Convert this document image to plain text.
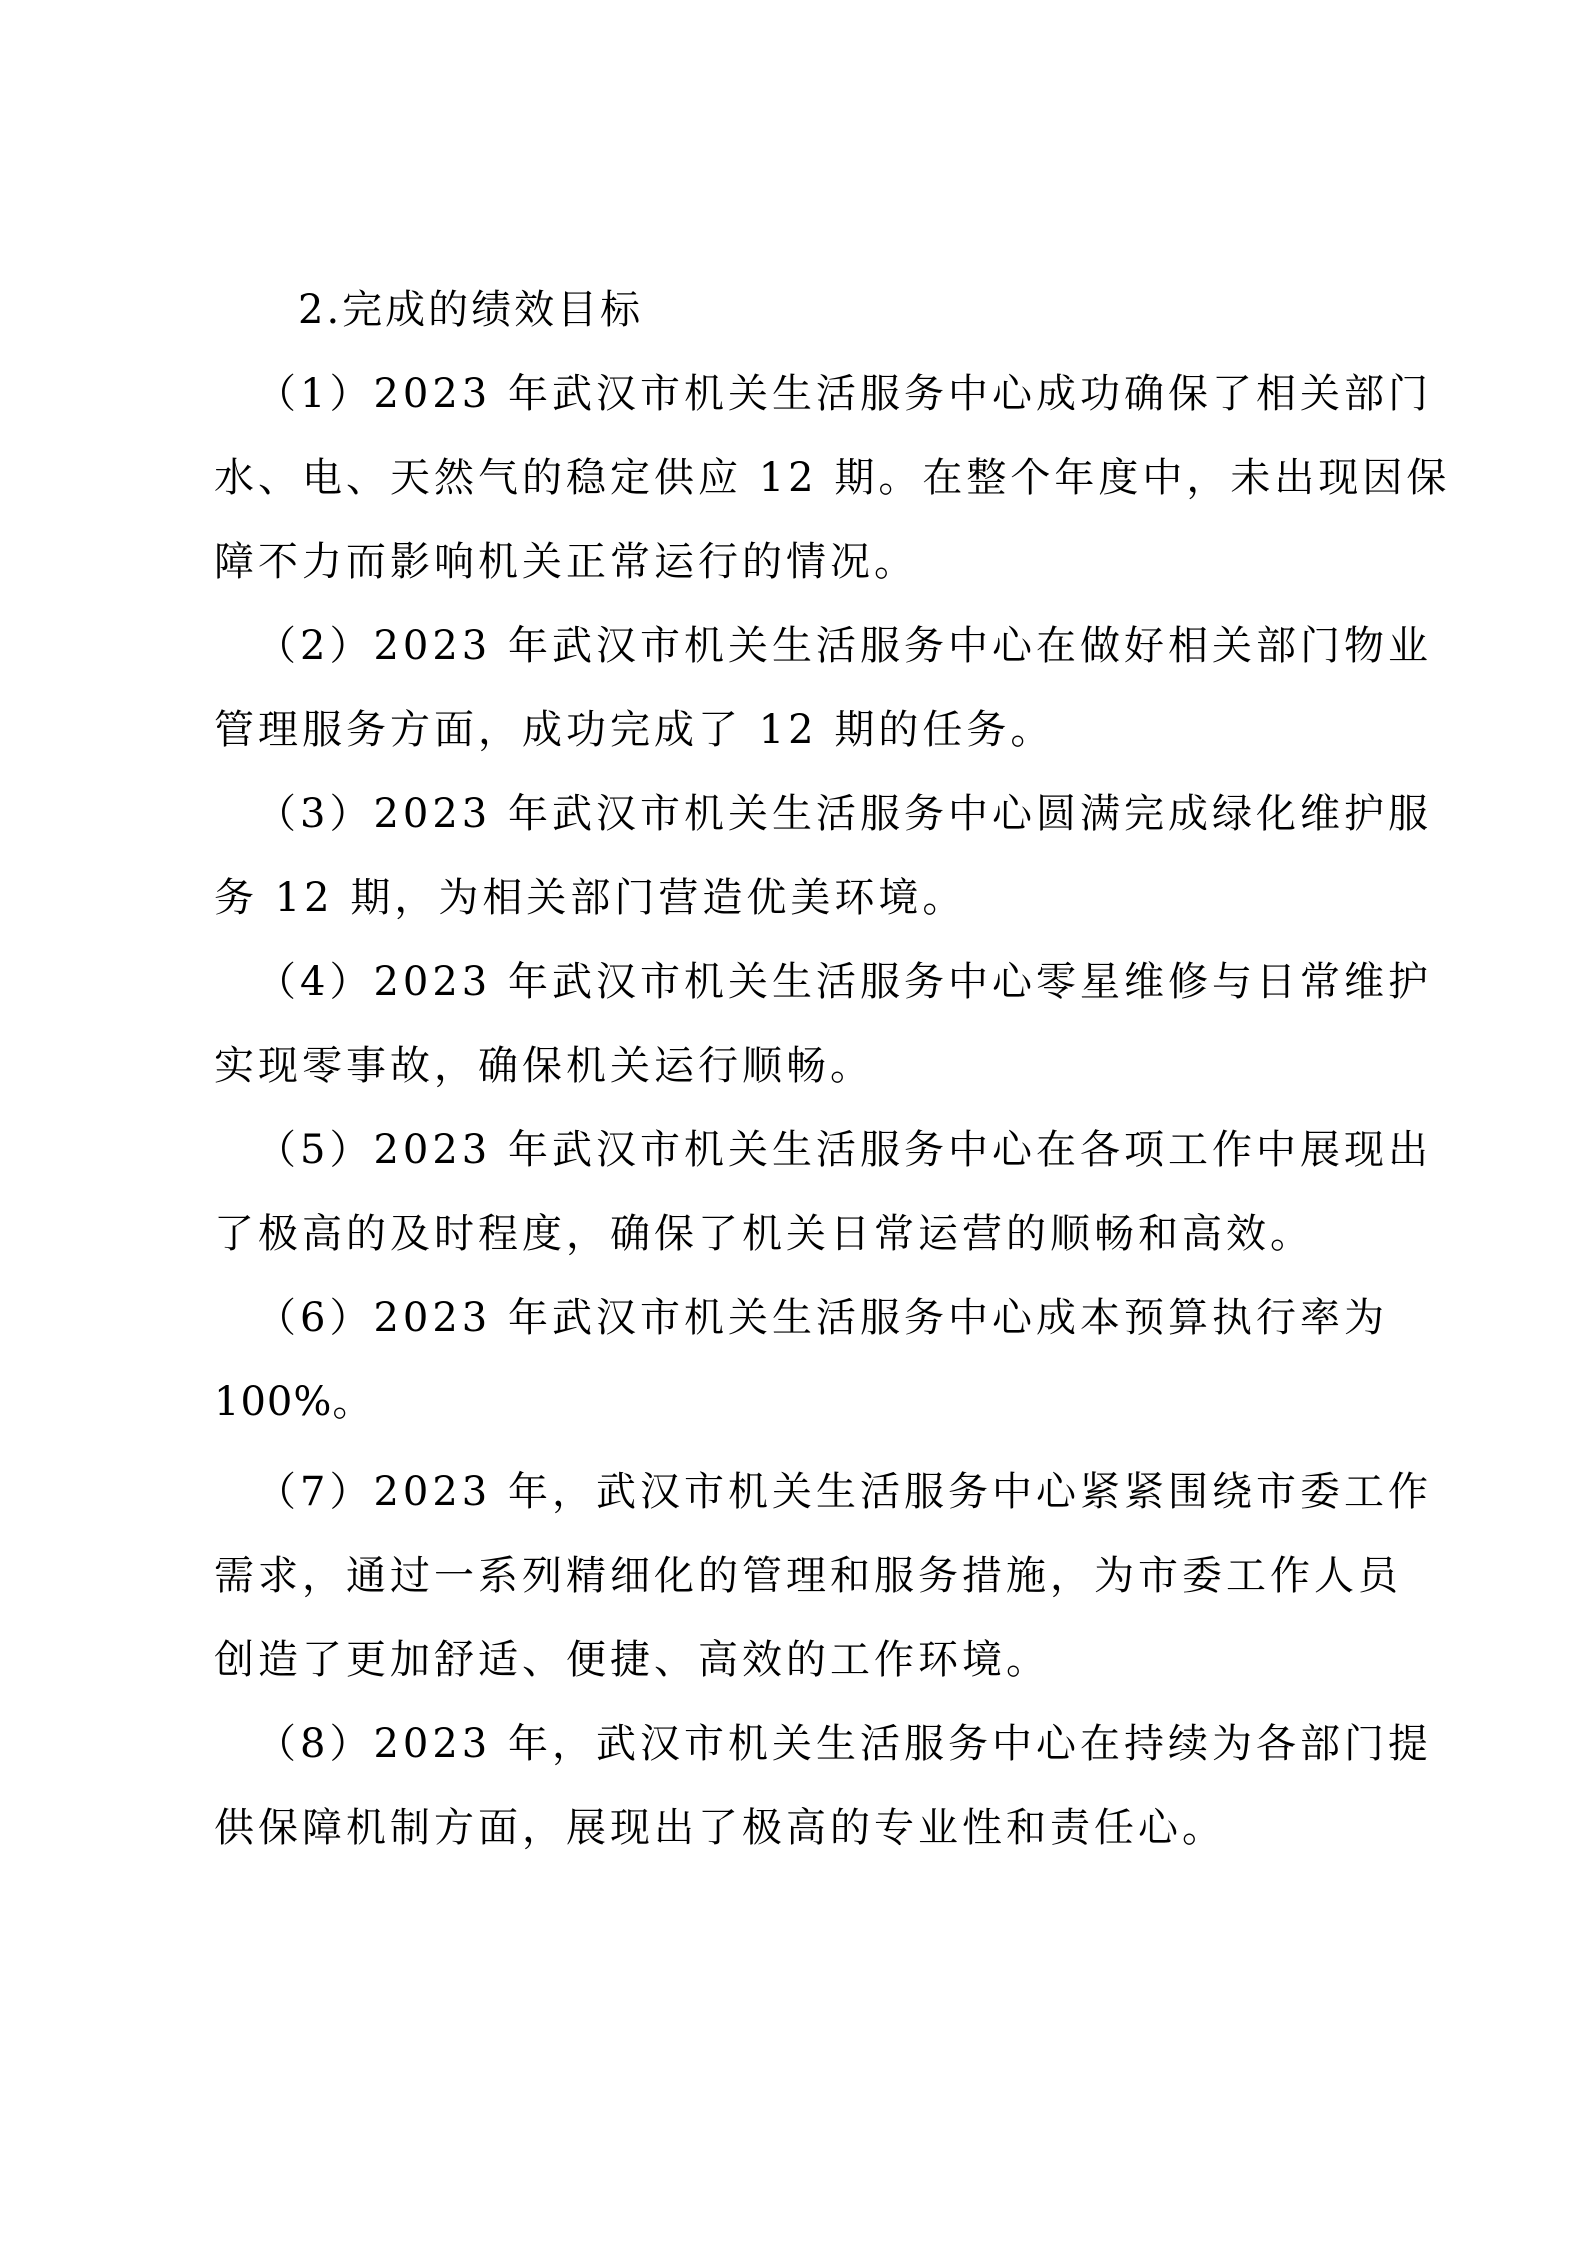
2.完成的绩效目标
（1）2023 年武汉市机关生活服务中心成功确保了相关部门
水、电、天然气的稳定供应 12 期。在整个年度中，未出现因保
障不力而影响机关正常运行的情况。
（2）2023 年武汉市机关生活服务中心在做好相关部门物业
管理服务方面，成功完成了 12 期的任务。
（3）2023 年武汉市机关生活服务中心圆满完成绿化维护服
务 12 期，为相关部门营造优美环境。
（4）2023 年武汉市机关生活服务中心零星维修与日常维护
实现零事故，确保机关运行顺畅。
（5）2023 年武汉市机关生活服务中心在各项工作中展现出
了极高的及时程度，确保了机关日常运营的顺畅和高效。
（6）2023 年武汉市机关生活服务中心成本预算执行率为
100%。
（7）2023 年，武汉市机关生活服务中心紧紧围绕市委工作
需求，通过一系列精细化的管理和服务措施，为市委工作人员
创造了更加舒适、便捷、高效的工作环境。
（8）2023 年，武汉市机关生活服务中心在持续为各部门提
供保障机制方面，展现出了极高的专业性和责任心。
